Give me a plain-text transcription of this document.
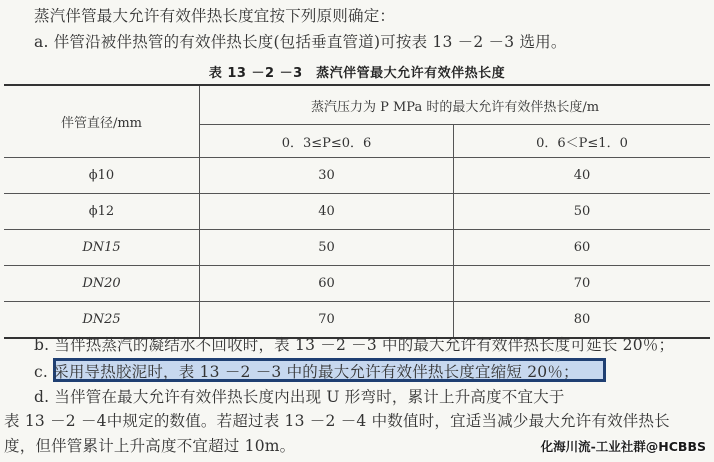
蒸汽伴管最大允许有效伴热长度宜按下列原则确定：
a. 伴管沿被伴热管的有效伴热长度(包括垂直管道)可按表 13 －2 －3 选用。
表 13 －2 －3　蒸汽伴管最大允许有效伴热长度
伴管直径/mm	蒸汽压力为 P MPa 时的最大允许有效伴热长度/m	
	0．3≤P≤0．6	0．6＜P≤1．0
ϕ10	30	40
ϕ12	40	50
DN15	50	60
DN20	60	70
DN25	70	80
b. 当伴热蒸汽的凝结水不回收时，表 13 －2 －3 中的最大允许有效伴热长度可延长 20％；
c. 采用导热胶泥时，表 13 －2 －3 中的最大允许有效伴热长度宜缩短 20％；
d. 当伴管在最大允许有效伴热长度内出现 U 形弯时，累计上升高度不宜大于
表 13 －2 －4中规定的数值。若超过表 13 －2 －4 中数值时，宜适当减少最大允许有效伴热长
度，但伴管累计上升高度不宜超过 10m。	化海川流-工业社群@HCBBS
